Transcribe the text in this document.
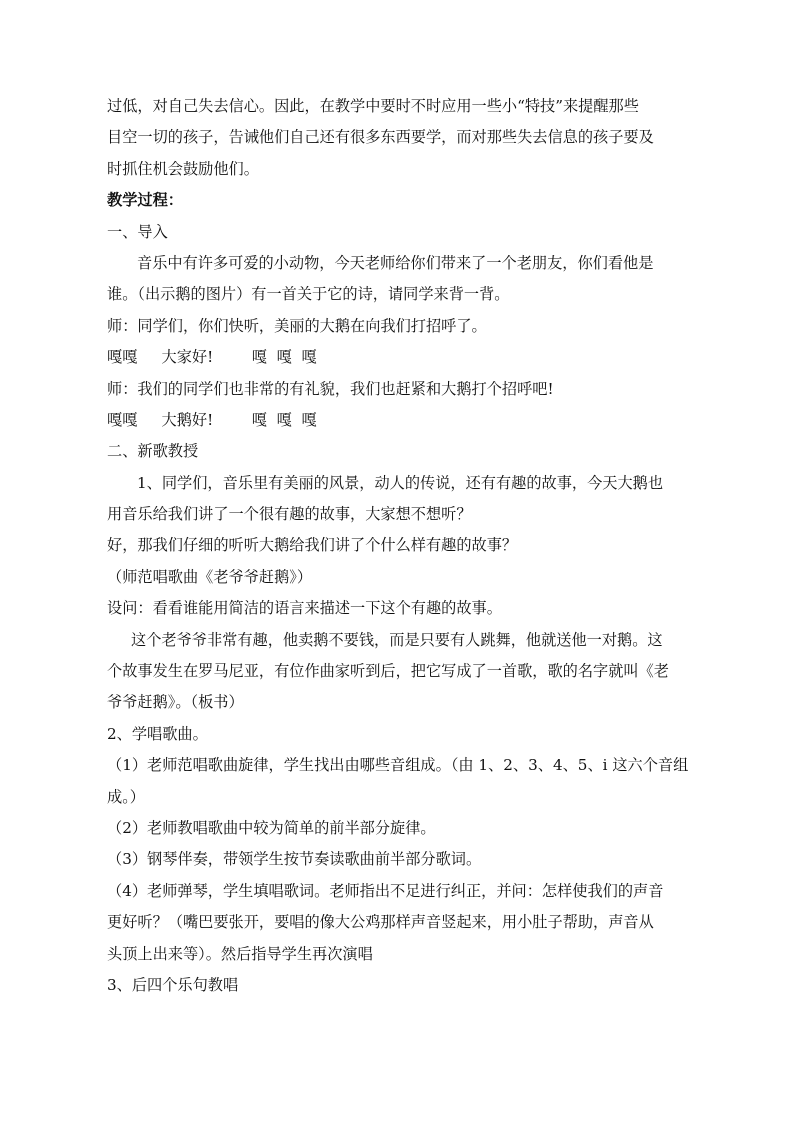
过低，对自己失去信心。因此，在教学中要时不时应用一些小“特技”来提醒那些
目空一切的孩子，告诫他们自己还有很多东西要学，而对那些失去信息的孩子要及
时抓住机会鼓励他们。
教学过程：
一、导入
音乐中有许多可爱的小动物，今天老师给你们带来了一个老朋友，你们看他是
谁。（出示鹅的图片）有一首关于它的诗，请同学来背一背。
师：同学们，你们快听，美丽的大鹅在向我们打招呼了。
嘎嘎     大家好!        嘎  嘎  嘎
师：我们的同学们也非常的有礼貌，我们也赶紧和大鹅打个招呼吧!
嘎嘎     大鹅好!        嘎  嘎  嘎
二、新歌教授
1、同学们，音乐里有美丽的风景，动人的传说，还有有趣的故事，今天大鹅也
用音乐给我们讲了一个很有趣的故事，大家想不想听？
好，那我们仔细的听听大鹅给我们讲了个什么样有趣的故事？
（师范唱歌曲《老爷爷赶鹅》）
设问：看看谁能用简洁的语言来描述一下这个有趣的故事。
这个老爷爷非常有趣，他卖鹅不要钱，而是只要有人跳舞，他就送他一对鹅。这
个故事发生在罗马尼亚，有位作曲家听到后，把它写成了一首歌，歌的名字就叫《老
爷爷赶鹅》。（板书）
2、学唱歌曲。
（1）老师范唱歌曲旋律，学生找出由哪些音组成。（由 1、2、3、4、5、i 这六个音组
成。）
（2）老师教唱歌曲中较为简单的前半部分旋律。
（3）钢琴伴奏，带领学生按节奏读歌曲前半部分歌词。
（4）老师弹琴，学生填唱歌词。老师指出不足进行纠正，并问：怎样使我们的声音
更好听？（嘴巴要张开，要唱的像大公鸡那样声音竖起来，用小肚子帮助，声音从
头顶上出来等）。然后指导学生再次演唱
3、后四个乐句教唱
